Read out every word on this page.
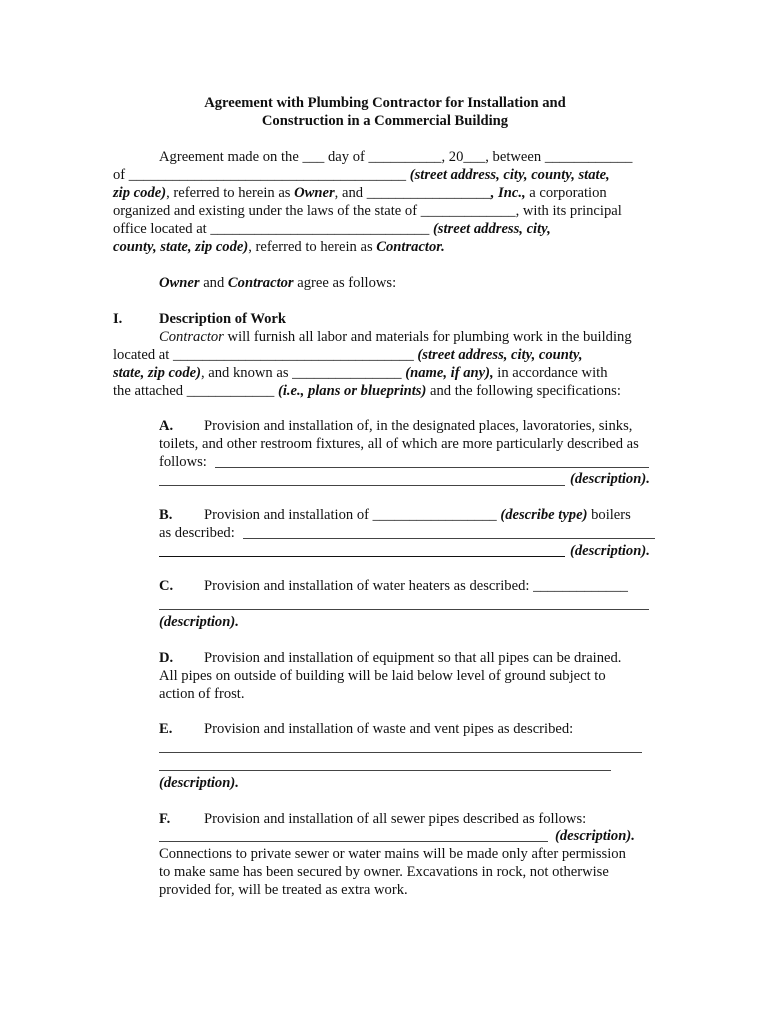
Agreement with Plumbing Contractor for Installation and
Construction in a Commercial Building
Agreement made on the ___ day of __________, 20___, between ____________
of ______________________________________ (street address, city, county, state,
zip code), referred to herein as Owner, and _________________, Inc., a corporation
organized and existing under the laws of the state of _____________, with its principal
office located at ______________________________ (street address, city,
county, state, zip code), referred to herein as Contractor.
Owner and Contractor agree as follows:
I.	Description of Work
Contractor will furnish all labor and materials for plumbing work in the building
located at _________________________________ (street address, city, county,
state, zip code), and known as _______________ (name, if any), in accordance with
the attached ____________ (i.e., plans or blueprints) and the following specifications:
A. Provision and installation of, in the designated places, lavoratories, sinks,
toilets, and other restroom fixtures, all of which are more particularly described as
follows:
(description).
B. Provision and installation of _________________ (describe type) boilers
as described:
(description).
C. Provision and installation of water heaters as described: _____________
(description).
D. Provision and installation of equipment so that all pipes can be drained.
All pipes on outside of building will be laid below level of ground subject to
action of frost.
E. Provision and installation of waste and vent pipes as described:
(description).
F. Provision and installation of all sewer pipes described as follows:
(description).
Connections to private sewer or water mains will be made only after permission
to make same has been secured by owner. Excavations in rock, not otherwise
provided for, will be treated as extra work.
